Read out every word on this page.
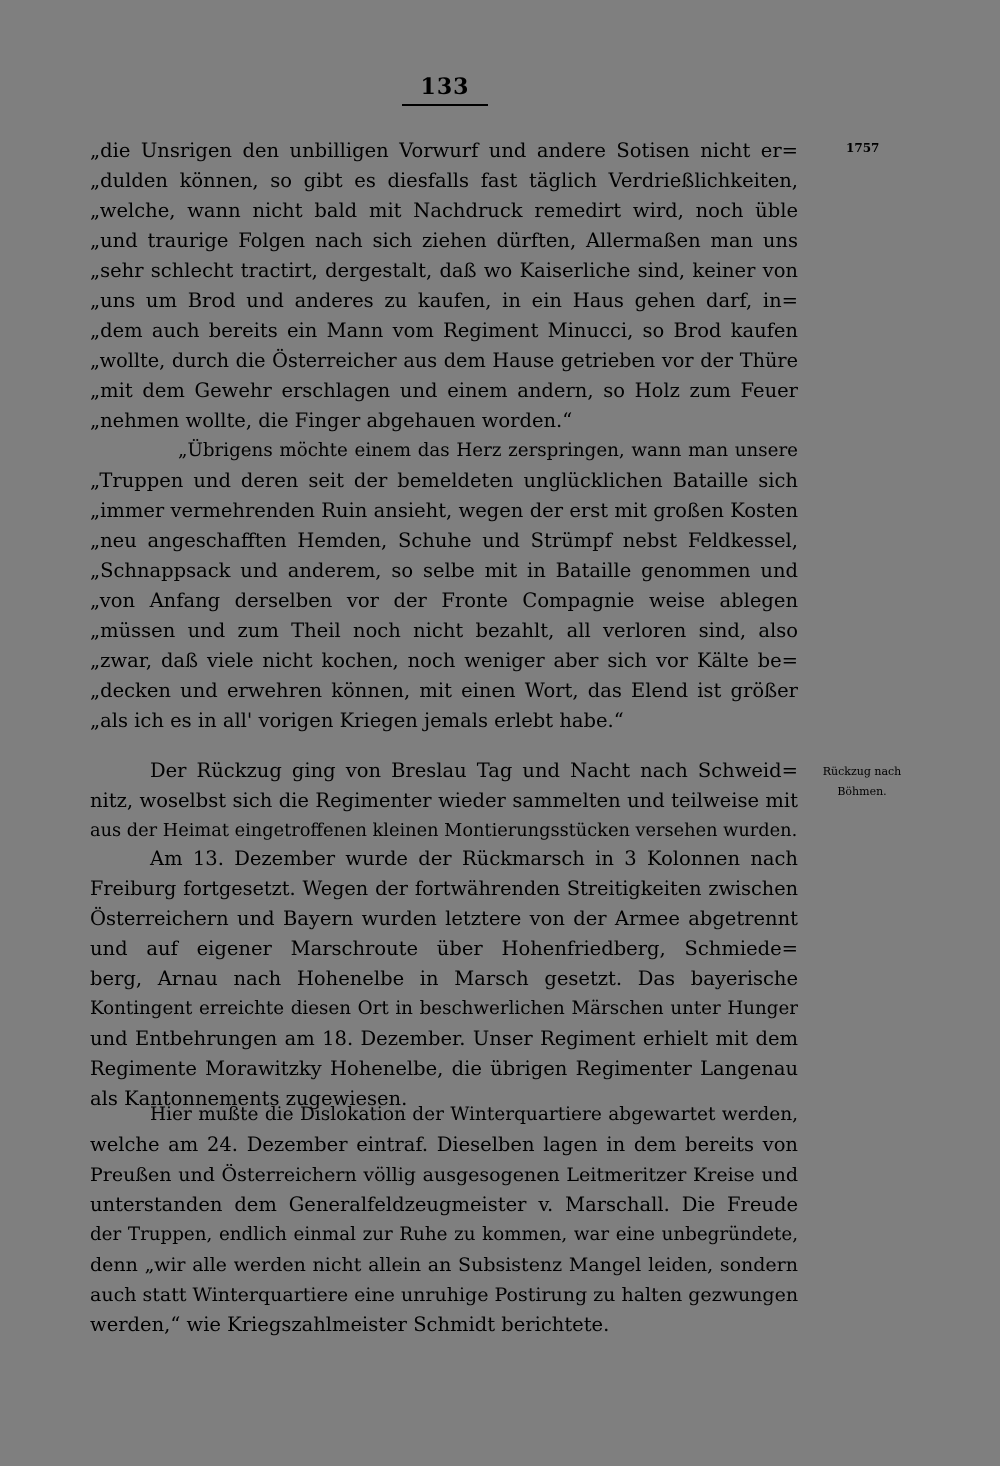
133
1757
Rückzug nach
Böhmen.
„die Unsrigen den unbilligen Vorwurf und andere Sotisen nicht er=
„dulden können, so gibt es diesfalls fast täglich Verdrießlichkeiten,
„welche, wann nicht bald mit Nachdruck remedirt wird, noch üble
„und traurige Folgen nach sich ziehen dürften, Allermaßen man uns
„sehr schlecht tractirt, dergestalt, daß wo Kaiserliche sind, keiner von
„uns um Brod und anderes zu kaufen, in ein Haus gehen darf, in=
„dem auch bereits ein Mann vom Regiment Minucci, so Brod kaufen
„wollte, durch die Österreicher aus dem Hause getrieben vor der Thüre
„mit dem Gewehr erschlagen und einem andern, so Holz zum Feuer
„nehmen wollte, die Finger abgehauen worden.“
„Übrigens möchte einem das Herz zerspringen, wann man unsere
„Truppen und deren seit der bemeldeten unglücklichen Bataille sich
„immer vermehrenden Ruin ansieht, wegen der erst mit großen Kosten
„neu angeschafften Hemden, Schuhe und Strümpf nebst Feldkessel,
„Schnappsack und anderem, so selbe mit in Bataille genommen und
„von Anfang derselben vor der Fronte Compagnie weise ablegen
„müssen und zum Theil noch nicht bezahlt, all verloren sind, also
„zwar, daß viele nicht kochen, noch weniger aber sich vor Kälte be=
„decken und erwehren können, mit einen Wort, das Elend ist größer
„als ich es in all' vorigen Kriegen jemals erlebt habe.“
Der Rückzug ging von Breslau Tag und Nacht nach Schweid=
nitz, woselbst sich die Regimenter wieder sammelten und teilweise mit
aus der Heimat eingetroffenen kleinen Montierungsstücken versehen wurden.
Am 13. Dezember wurde der Rückmarsch in 3 Kolonnen nach
Freiburg fortgesetzt. Wegen der fortwährenden Streitigkeiten zwischen
Österreichern und Bayern wurden letztere von der Armee abgetrennt
und auf eigener Marschroute über Hohenfriedberg, Schmiede=
berg, Arnau nach Hohenelbe in Marsch gesetzt. Das bayerische
Kontingent erreichte diesen Ort in beschwerlichen Märschen unter Hunger
und Entbehrungen am 18. Dezember. Unser Regiment erhielt mit dem
Regimente Morawitzky Hohenelbe, die übrigen Regimenter Langenau
als Kantonnements zugewiesen.
Hier mußte die Dislokation der Winterquartiere abgewartet werden,
welche am 24. Dezember eintraf. Dieselben lagen in dem bereits von
Preußen und Österreichern völlig ausgesogenen Leitmeritzer Kreise und
unterstanden dem Generalfeldzeugmeister v. Marschall. Die Freude
der Truppen, endlich einmal zur Ruhe zu kommen, war eine unbegründete,
denn „wir alle werden nicht allein an Subsistenz Mangel leiden, sondern
auch statt Winterquartiere eine unruhige Postirung zu halten gezwungen
werden,“ wie Kriegszahlmeister Schmidt berichtete.
